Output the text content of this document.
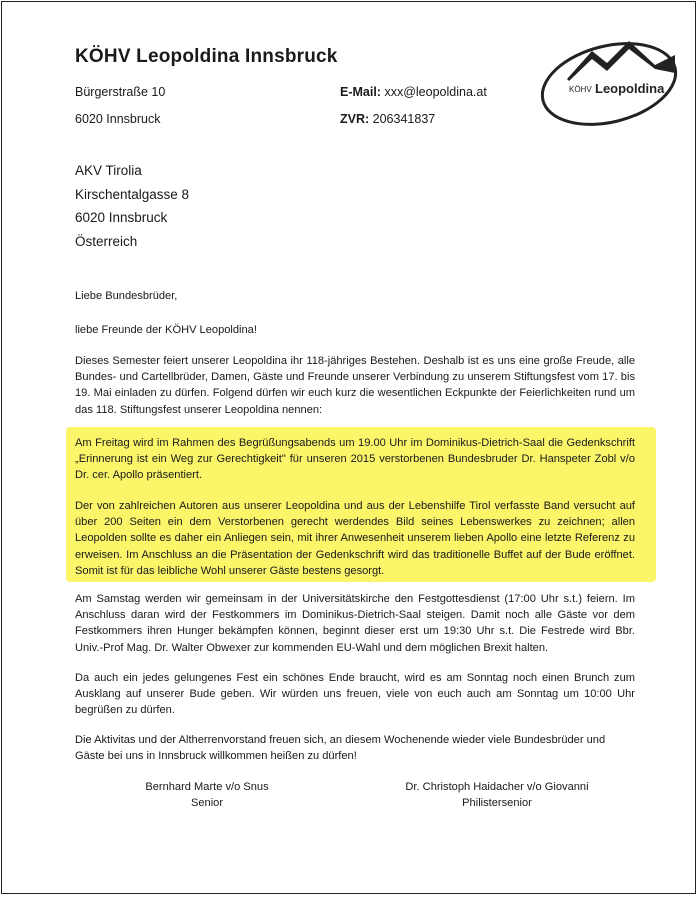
KÖHV Leopoldina Innsbruck
Bürgerstraße 10
6020 Innsbruck
E-Mail: xxx@leopoldina.at
ZVR: 206341837
KÖHV Leopoldina
AKV Tirolia
Kirschentalgasse 8
6020 Innsbruck
Österreich
Liebe Bundesbrüder,
liebe Freunde der KÖHV Leopoldina!
Dieses Semester feiert unserer Leopoldina ihr 118-jähriges Bestehen. Deshalb ist es uns eine große Freude, alle Bundes- und Cartellbrüder, Damen, Gäste und Freunde unserer Verbindung zu unserem Stiftungsfest vom 17. bis 19. Mai einladen zu dürfen. Folgend dürfen wir euch kurz die wesentlichen Eckpunkte der Feierlichkeiten rund um das 118. Stiftungsfest unserer Leopoldina nennen:
Am Freitag wird im Rahmen des Begrüßungsabends um 19.00 Uhr im Dominikus-Dietrich-Saal die Gedenkschrift „Erinnerung ist ein Weg zur Gerechtigkeit" für unseren 2015 verstorbenen Bundesbruder Dr. Hanspeter Zobl v/o Dr. cer. Apollo präsentiert.
Der von zahlreichen Autoren aus unserer Leopoldina und aus der Lebenshilfe Tirol verfasste Band versucht auf über 200 Seiten ein dem Verstorbenen gerecht werdendes Bild seines Lebenswerkes zu zeichnen; allen Leopolden sollte es daher ein Anliegen sein, mit ihrer Anwesenheit unserem lieben Apollo eine letzte Referenz zu erweisen. Im Anschluss an die Präsentation der Gedenkschrift wird das traditionelle Buffet auf der Bude eröffnet. Somit ist für das leibliche Wohl unserer Gäste bestens gesorgt.
Am Samstag werden wir gemeinsam in der Universitätskirche den Festgottesdienst (17:00 Uhr s.t.) feiern. Im Anschluss daran wird der Festkommers im Dominikus-Dietrich-Saal steigen. Damit noch alle Gäste vor dem Festkommers ihren Hunger bekämpfen können, beginnt dieser erst um 19:30 Uhr s.t. Die Festrede wird Bbr. Univ.-Prof Mag. Dr. Walter Obwexer zur kommenden EU-Wahl und dem möglichen Brexit halten.
Da auch ein jedes gelungenes Fest ein schönes Ende braucht, wird es am Sonntag noch einen Brunch zum Ausklang auf unserer Bude geben. Wir würden uns freuen, viele von euch auch am Sonntag um 10:00 Uhr begrüßen zu dürfen.
Die Aktivitas und der Altherrenvorstand freuen sich, an diesem Wochenende wieder viele Bundesbrüder und Gäste bei uns in Innsbruck willkommen heißen zu dürfen!
Bernhard Marte v/o Snus
Senior
Dr. Christoph Haidacher v/o Giovanni
Philistersenior
